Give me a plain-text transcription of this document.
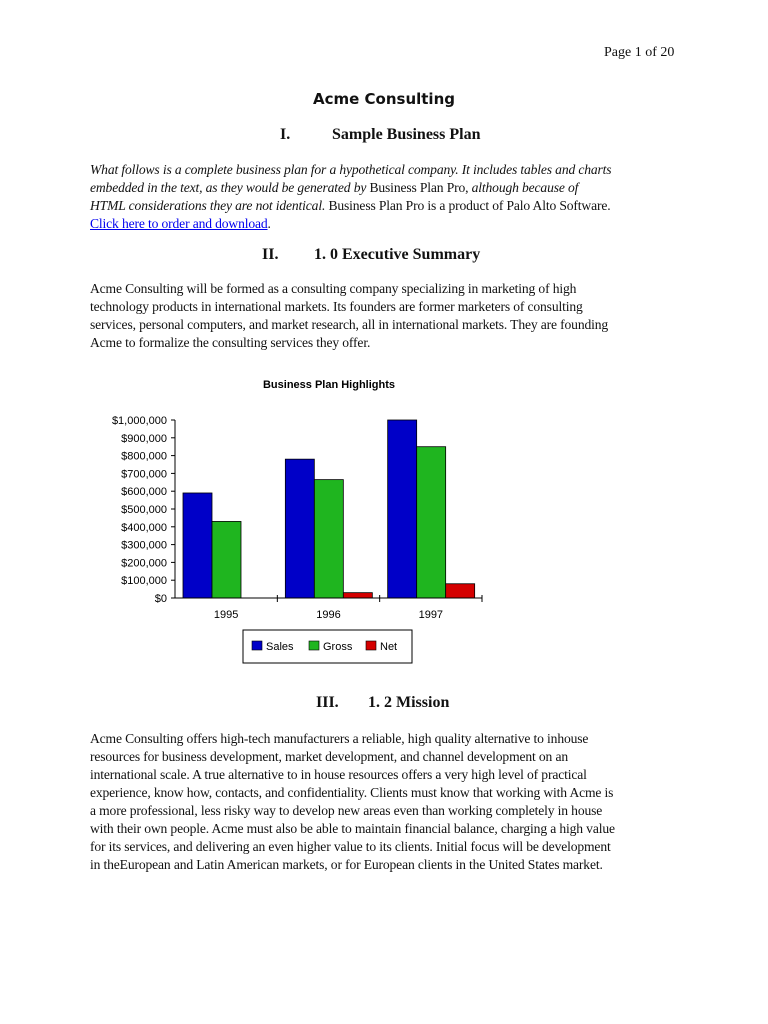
Page 1 of 20
Acme Consulting
I.	Sample Business Plan
What follows is a complete business plan for a hypothetical company. It includes tables and charts
embedded in the text, as they would be generated by Business Plan Pro, although because of
HTML considerations they are not identical. Business Plan Pro is a product of Palo Alto Software.
Click here to order and download.
II. 1. 0 Executive Summary
Acme Consulting will be formed as a consulting company specializing in marketing of high
technology products in international markets. Its founders are former marketers of consulting
services, personal computers, and market research, all in international markets. They are founding
Acme to formalize the consulting services they offer.
Business Plan Highlights
$0
$100,000
$200,000
$300,000
$400,000
$500,000
$600,000
$700,000
$800,000
$900,000
$1,000,000
1995	1996	1997
Sales	Gross	Net
III. 1. 2 Mission
Acme Consulting offers high-tech manufacturers a reliable, high quality alternative to inhouse
resources for business development, market development, and channel development on an
international scale. A true alternative to in house resources offers a very high level of practical
experience, know how, contacts, and confidentiality. Clients must know that working with Acme is
a more professional, less risky way to develop new areas even than working completely in house
with their own people. Acme must also be able to maintain financial balance, charging a high value
for its services, and delivering an even higher value to its clients. Initial focus will be development
in theEuropean and Latin American markets, or for European clients in the United States market.
